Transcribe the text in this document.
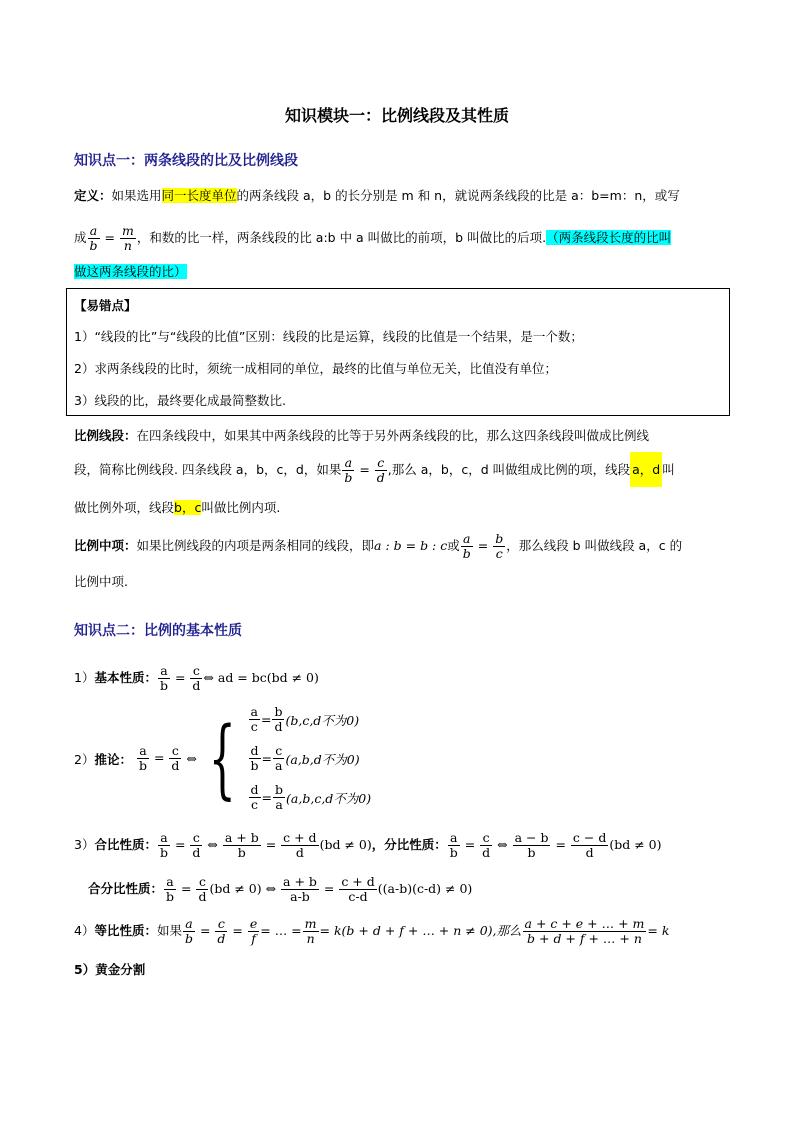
知识模块一：比例线段及其性质
知识点一：两条线段的比及比例线段
定义：如果选用同一长度单位的两条线段 a，b 的长分别是 m 和 n，就说两条线段的比是 a：b=m：n，或写
成 $\frac{a}{b} = \frac{m}{n}$ ，和数的比一样，两条线段的比 a:b 中 a 叫做比的前项，b 叫做比的后项.（两条线段长度的比叫
做这两条线段的比）
【易错点】
1）“线段的比”与“线段的比值”区别：线段的比是运算，线段的比值是一个结果，是一个数；
2）求两条线段的比时，须统一成相同的单位，最终的比值与单位无关，比值没有单位；
3）线段的比，最终要化成最简整数比.
比例线段：在四条线段中，如果其中两条线段的比等于另外两条线段的比，那么这四条线段叫做成比例线
段，简称比例线段. 四条线段 a，b，c，d，如果 $\frac{a}{b} = \frac{c}{d}$ ,那么 a，b，c，d 叫做组成比例的项，线段 a，d 叫
做比例外项，线段b，c叫做比例内项.
比例中项：如果比例线段的内项是两条相同的线段，即a : b = b : c或 $\frac{a}{b} = \frac{b}{c}$ ，那么线段 b 叫做线段 a，c 的
比例中项.
知识点二：比例的基本性质
1）基本性质： $\frac{a}{b} = \frac{c}{d}$ ⇔ ad = bc(bd ≠ 0)
2）推论： $\frac{a}{b} = \frac{c}{d}$ ⇔ { $\frac{a}{c} = \frac{b}{d} (b,c,d$不为0)
$\frac{d}{b} = \frac{c}{a} (a,b,d$不为0)
$\frac{d}{c} = \frac{b}{a} (a,b,c,d$不为0)
3）合比性质： $\frac{a}{b} = \frac{c}{d}$ ⇔ $\frac{a + b}{b} = \frac{c + d}{d} (bd \ne 0)$，分比性质： $\frac{a}{b} = \frac{c}{d}$ ⇔ $\frac{a - b}{b} = \frac{c - d}{d} (bd \ne 0)$
合分比性质： $\frac{a}{b} = \frac{c}{d} (bd \ne 0)$ ⇔ $\frac{a + b}{a-b} = \frac{c + d}{c-d} ((a-b)(c-d) \ne 0)$
4）等比性质：如果 $\frac{a}{b} = \frac{c}{d} = \frac{e}{f}$ = … = $\frac{m}{n} = k(b + d + f$ + … + n ≠ 0),那么 $\frac{a + c + e + \dots + m}{b + d + f + \dots + n} = k$
5）黄金分割
